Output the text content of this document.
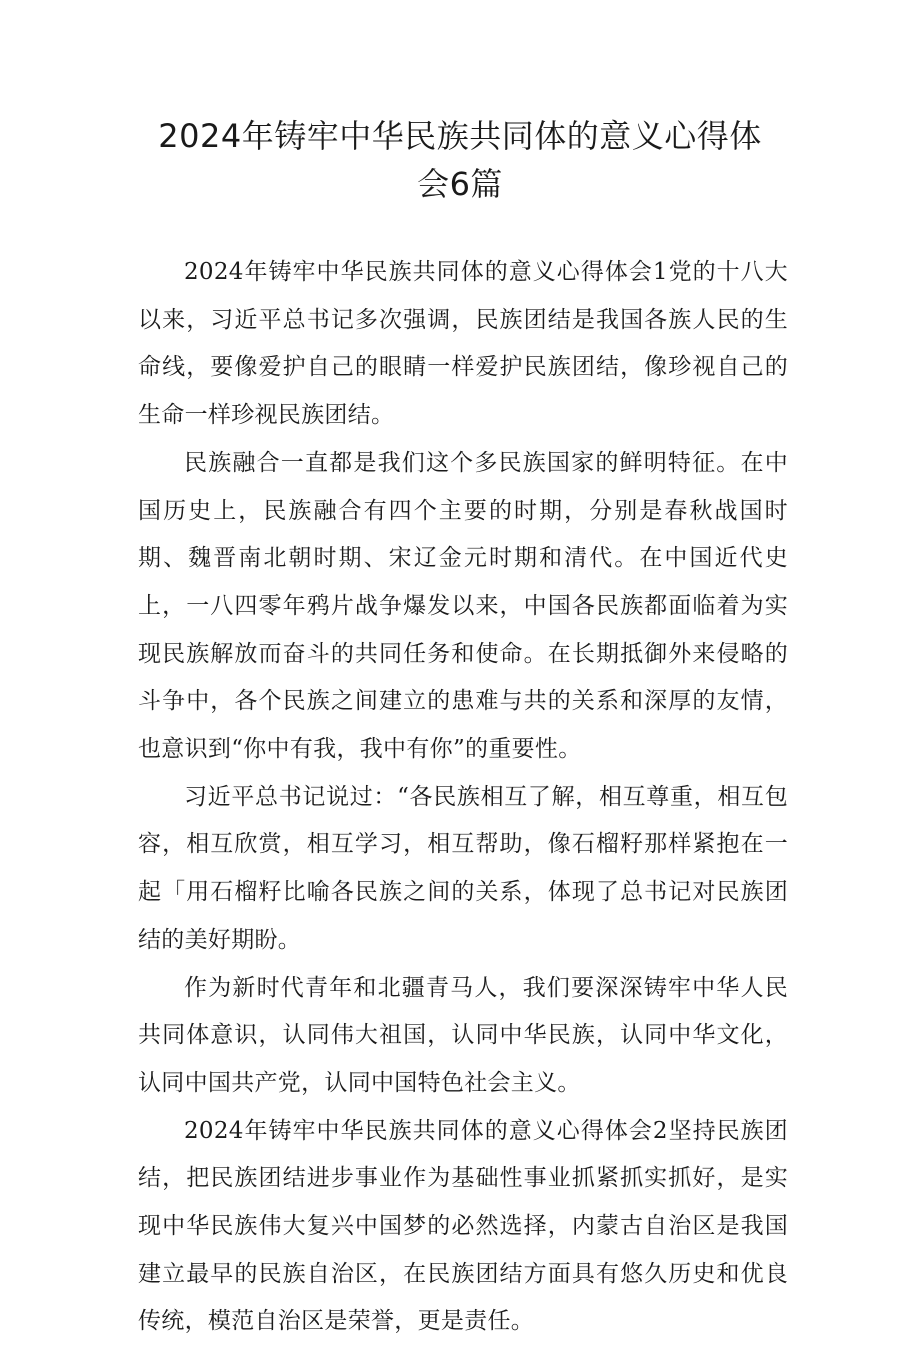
2024年铸牢中华民族共同体的意义心得体
会6篇

2024年铸牢中华民族共同体的意义心得体会1党的十八大以来，习近平总书记多次强调，民族团结是我国各族人民的生命线，要像爱护自己的眼睛一样爱护民族团结，像珍视自己的生命一样珍视民族团结。

民族融合一直都是我们这个多民族国家的鲜明特征。在中国历史上，民族融合有四个主要的时期，分别是春秋战国时期、魏晋南北朝时期、宋辽金元时期和清代。在中国近代史上，一八四零年鸦片战争爆发以来，中国各民族都面临着为实现民族解放而奋斗的共同任务和使命。在长期抵御外来侵略的斗争中，各个民族之间建立的患难与共的关系和深厚的友情，也意识到“你中有我，我中有你”的重要性。

习近平总书记说过：“各民族相互了解，相互尊重，相互包容，相互欣赏，相互学习，相互帮助，像石榴籽那样紧抱在一起「用石榴籽比喻各民族之间的关系，体现了总书记对民族团结的美好期盼。

作为新时代青年和北疆青马人，我们要深深铸牢中华人民共同体意识，认同伟大祖国，认同中华民族，认同中华文化，认同中国共产党，认同中国特色社会主义。

2024年铸牢中华民族共同体的意义心得体会2坚持民族团结，把民族团结进步事业作为基础性事业抓紧抓实抓好，是实现中华民族伟大复兴中国梦的必然选择，内蒙古自治区是我国建立最早的民族自治区，在民族团结方面具有悠久历史和优良传统，模范自治区是荣誉，更是责任。
